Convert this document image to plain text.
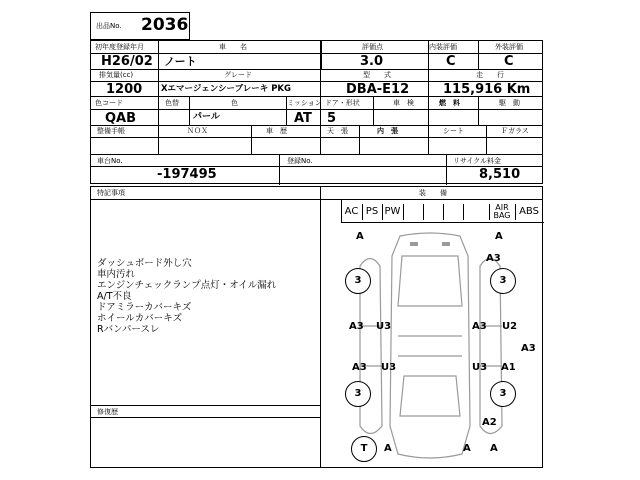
出品No. 2036
初年度登録年月
H26/02
車　　名
ノート
評価点
3.0
内装評価
C
外装評価
C
排気量(cc)
1200
グレード
Xエマージェンシーブレーキ PKG
型　　式
DBA-E12
走　　行
115,916 Km
色コード
QAB
色替	色
パール
ミッション
AT
ドア・形状
5
車　検	燃　料	駆　動
整備手帳	ＮＯＸ	車　歴	天　張	内　張	シート	Ｆガラス
車台No.
-197495
登録No.	リサイクル料金
8,510
特記事項	装　　備
修復歴
ダッシュボード外し穴
車内汚れ
エンジンチェックランプ点灯・オイル漏れ
A/T不良
ドアミラーカバーキズ
ホイールカバーキズ
Rバンパースレ
AC PS PW	AIR BAG ABS
A	A
A3
3	3
A3 U3	A3 U2
A3
A3 U3	U3 A1
3	3
A2
T	A	A A
